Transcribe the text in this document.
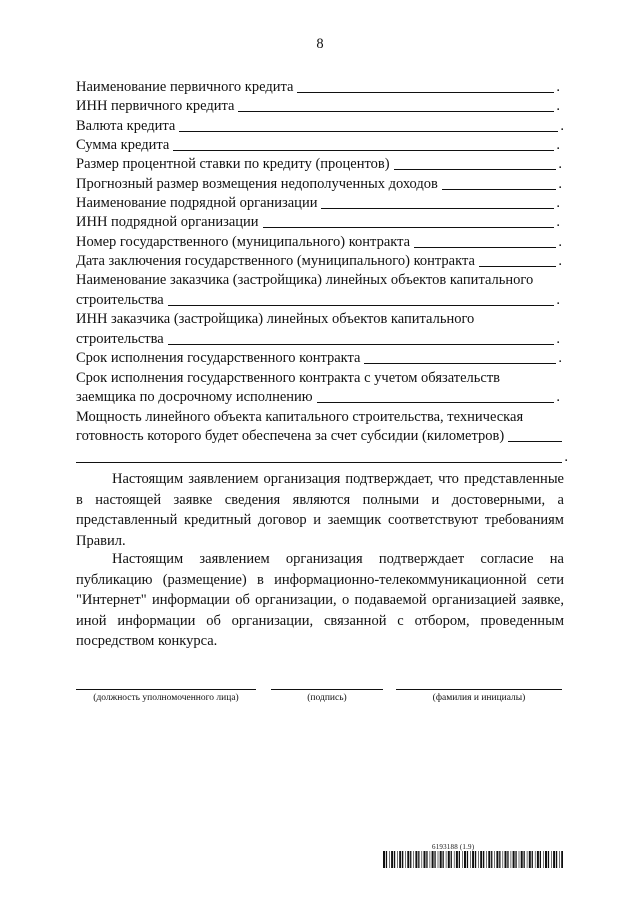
8
Наименование первичного кредита	.
ИНН первичного кредита	.
Валюта кредита	.
Сумма кредита	.
Размер процентной ставки по кредиту (процентов)	.
Прогнозный размер возмещения недополученных доходов	.
Наименование подрядной организации	.
ИНН подрядной организации	.
Номер государственного (муниципального) контракта	.
Дата заключения государственного (муниципального) контракта	.
Наименование заказчика (застройщика) линейных объектов капитального
строительства	.
ИНН заказчика (застройщика) линейных объектов капитального
строительства	.
Срок исполнения государственного контракта	.
Срок исполнения государственного контракта с учетом обязательств
заемщика по досрочному исполнению	.
Мощность линейного объекта капитального строительства, техническая
готовность которого будет обеспечена за счет субсидии (километров)
.
Настоящим заявлением организация подтверждает, что представленные в настоящей заявке сведения являются полными и достоверными, а представленный кредитный договор и заемщик соответствуют требованиям Правил.
Настоящим заявлением организация подтверждает согласие на публикацию (размещение) в информационно-телекоммуникационной сети "Интернет" информации об организации, о подаваемой организацией заявке, иной информации об организации, связанной с отбором, проведенным посредством конкурса.
(должность уполномоченного лица)	(подпись)	(фамилия и инициалы)
6193188 (1.9)
